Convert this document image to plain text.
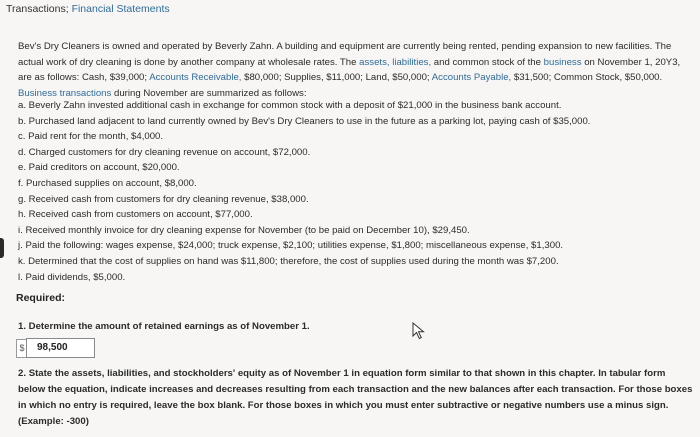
Transactions; Financial Statements

Bev's Dry Cleaners is owned and operated by Beverly Zahn. A building and equipment are currently being rented, pending expansion to new facilities. The actual work of dry cleaning is done by another company at wholesale rates. The assets, liabilities, and common stock of the business on November 1, 20Y3, are as follows: Cash, $39,000; Accounts Receivable, $80,000; Supplies, $11,000; Land, $50,000; Accounts Payable, $31,500; Common Stock, $50,000. Business transactions during November are summarized as follows:

a. Beverly Zahn invested additional cash in exchange for common stock with a deposit of $21,000 in the business bank account.
b. Purchased land adjacent to land currently owned by Bev's Dry Cleaners to use in the future as a parking lot, paying cash of $35,000.
c. Paid rent for the month, $4,000.
d. Charged customers for dry cleaning revenue on account, $72,000.
e. Paid creditors on account, $20,000.
f. Purchased supplies on account, $8,000.
g. Received cash from customers for dry cleaning revenue, $38,000.
h. Received cash from customers on account, $77,000.
i. Received monthly invoice for dry cleaning expense for November (to be paid on December 10), $29,450.
j. Paid the following: wages expense, $24,000; truck expense, $2,100; utilities expense, $1,800; miscellaneous expense, $1,300.
k. Determined that the cost of supplies on hand was $11,800; therefore, the cost of supplies used during the month was $7,200.
l. Paid dividends, $5,000.
Required:
1. Determine the amount of retained earnings as of November 1.
$	98,500

2. State the assets, liabilities, and stockholders' equity as of November 1 in equation form similar to that shown in this chapter. In tabular form below the equation, indicate increases and decreases resulting from each transaction and the new balances after each transaction. For those boxes in which no entry is required, leave the box blank. For those boxes in which you must enter subtractive or negative numbers use a minus sign. (Example: -300)
